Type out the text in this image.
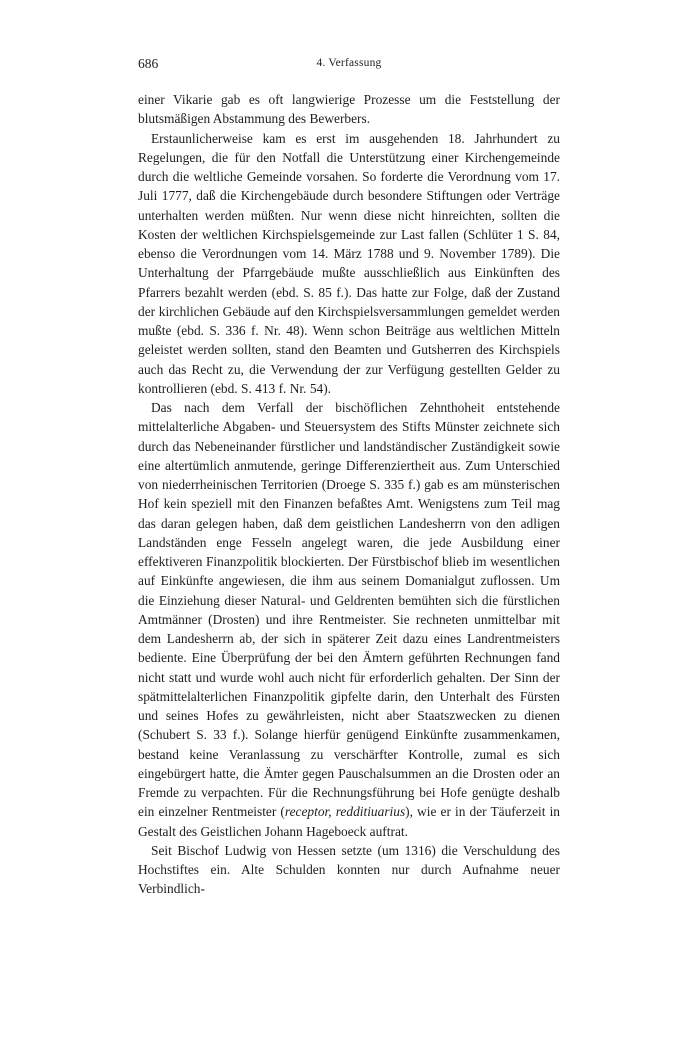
686	4. Verfassung

einer Vikarie gab es oft langwierige Prozesse um die Feststellung der blutsmäßigen Abstammung des Bewerbers.

Erstaunlicherweise kam es erst im ausgehenden 18. Jahrhundert zu Regelungen, die für den Notfall die Unterstützung einer Kirchengemeinde durch die weltliche Gemeinde vorsahen. So forderte die Verordnung vom 17. Juli 1777, daß die Kirchengebäude durch besondere Stiftungen oder Verträge unterhalten werden müßten. Nur wenn diese nicht hinreichten, sollten die Kosten der weltlichen Kirchspielsgemeinde zur Last fallen (Schlüter 1 S. 84, ebenso die Verordnungen vom 14. März 1788 und 9. November 1789). Die Unterhaltung der Pfarrgebäude mußte ausschließlich aus Einkünften des Pfarrers bezahlt werden (ebd. S. 85 f.). Das hatte zur Folge, daß der Zustand der kirchlichen Gebäude auf den Kirchspielsversammlungen gemeldet werden mußte (ebd. S. 336 f. Nr. 48). Wenn schon Beiträge aus weltlichen Mitteln geleistet werden sollten, stand den Beamten und Gutsherren des Kirchspiels auch das Recht zu, die Verwendung der zur Verfügung gestellten Gelder zu kontrollieren (ebd. S. 413 f. Nr. 54).

Das nach dem Verfall der bischöflichen Zehnthoheit entstehende mittelalterliche Abgaben- und Steuersystem des Stifts Münster zeichnete sich durch das Nebeneinander fürstlicher und landständischer Zuständigkeit sowie eine altertümlich anmutende, geringe Differenziertheit aus. Zum Unterschied von niederrheinischen Territorien (Droege S. 335 f.) gab es am münsterischen Hof kein speziell mit den Finanzen befaßtes Amt. Wenigstens zum Teil mag das daran gelegen haben, daß dem geistlichen Landesherrn von den adligen Landständen enge Fesseln angelegt waren, die jede Ausbildung einer effektiveren Finanzpolitik blockierten. Der Fürstbischof blieb im wesentlichen auf Einkünfte angewiesen, die ihm aus seinem Domanialgut zuflossen. Um die Einziehung dieser Natural- und Geldrenten bemühten sich die fürstlichen Amtmänner (Drosten) und ihre Rentmeister. Sie rechneten unmittelbar mit dem Landesherrn ab, der sich in späterer Zeit dazu eines Landrentmeisters bediente. Eine Überprüfung der bei den Ämtern geführten Rechnungen fand nicht statt und wurde wohl auch nicht für erforderlich gehalten. Der Sinn der spätmittelalterlichen Finanzpolitik gipfelte darin, den Unterhalt des Fürsten und seines Hofes zu gewährleisten, nicht aber Staatszwecken zu dienen (Schubert S. 33 f.). Solange hierfür genügend Einkünfte zusammenkamen, bestand keine Veranlassung zu verschärfter Kontrolle, zumal es sich eingebürgert hatte, die Ämter gegen Pauschalsummen an die Drosten oder an Fremde zu verpachten. Für die Rechnungsführung bei Hofe genügte deshalb ein einzelner Rentmeister (receptor, redditiuarius), wie er in der Täuferzeit in Gestalt des Geistlichen Johann Hageboeck auftrat.

Seit Bischof Ludwig von Hessen setzte (um 1316) die Verschuldung des Hochstiftes ein. Alte Schulden konnten nur durch Aufnahme neuer Verbindlich-
